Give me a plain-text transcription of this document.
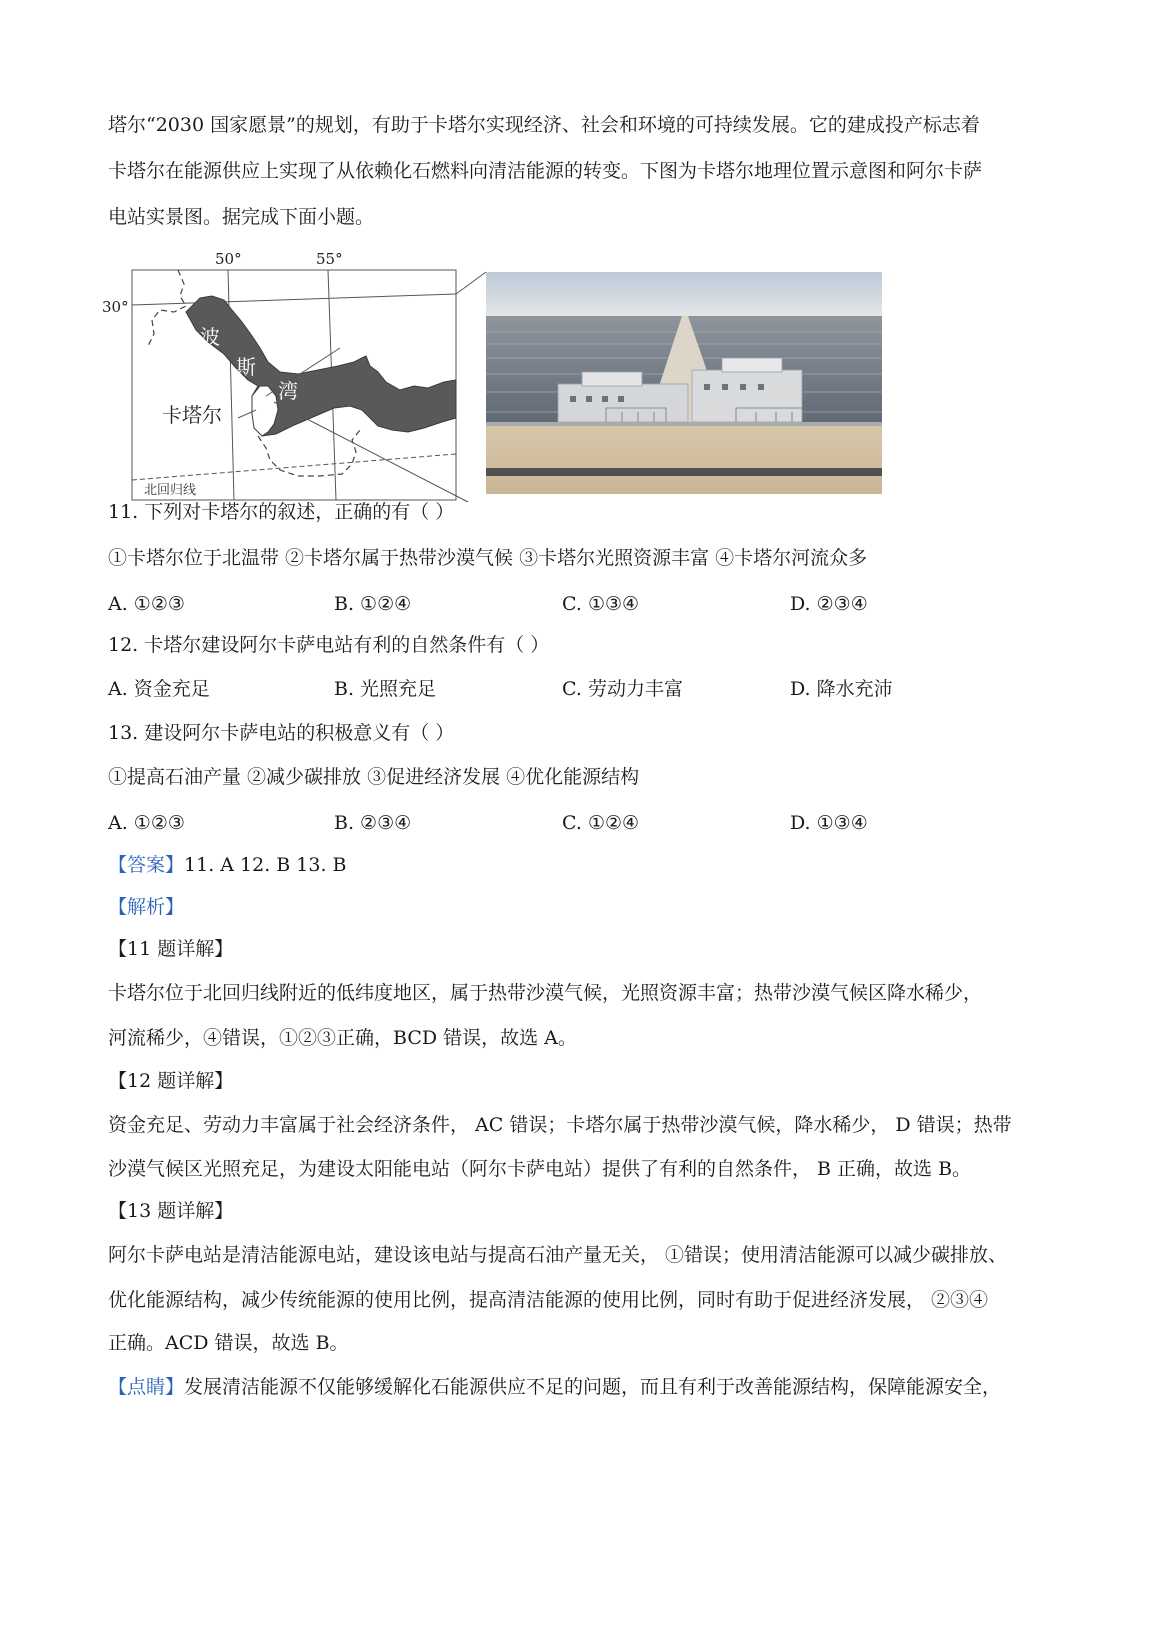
塔尔“2030 国家愿景”的规划，有助于卡塔尔实现经济、社会和环境的可持续发展。它的建成投产标志着
卡塔尔在能源供应上实现了从依赖化石燃料向清洁能源的转变。下图为卡塔尔地理位置示意图和阿尔卡萨
电站实景图。据完成下面小题。
50°	55°
30°
波
斯
湾
卡塔尔
北回归线
11. 下列对卡塔尔的叙述，正确的有（ ）
①卡塔尔位于北温带 ②卡塔尔属于热带沙漠气候 ③卡塔尔光照资源丰富 ④卡塔尔河流众多
A. ①②③	B. ①②④	C. ①③④	D. ②③④
12. 卡塔尔建设阿尔卡萨电站有利的自然条件有（ ）
A. 资金充足	B. 光照充足	C. 劳动力丰富	D. 降水充沛
13. 建设阿尔卡萨电站的积极意义有（ ）
①提高石油产量 ②减少碳排放 ③促进经济发展 ④优化能源结构
A. ①②③	B. ②③④	C. ①②④	D. ①③④
【答案】11. A 12. B 13. B
【解析】
【11 题详解】
卡塔尔位于北回归线附近的低纬度地区，属于热带沙漠气候，光照资源丰富；热带沙漠气候区降水稀少，
河流稀少，④错误，①②③正确，BCD 错误，故选 A。
【12 题详解】
资金充足、劳动力丰富属于社会经济条件， AC 错误；卡塔尔属于热带沙漠气候，降水稀少， D 错误；热带
沙漠气候区光照充足，为建设太阳能电站（阿尔卡萨电站）提供了有利的自然条件， B 正确，故选 B。
【13 题详解】
阿尔卡萨电站是清洁能源电站，建设该电站与提高石油产量无关， ①错误；使用清洁能源可以减少碳排放、
优化能源结构，减少传统能源的使用比例，提高清洁能源的使用比例，同时有助于促进经济发展， ②③④
正确。ACD 错误，故选 B。
【点睛】发展清洁能源不仅能够缓解化石能源供应不足的问题，而且有利于改善能源结构，保障能源安全，
